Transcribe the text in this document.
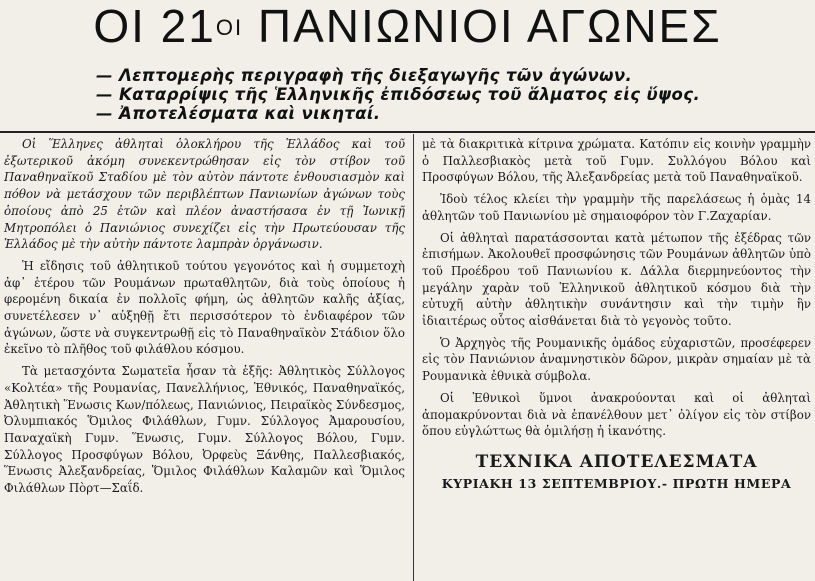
ΟΙ $21^{OI}$ ΠΑΝΙΩΝΙΟΙ ΑΓΩΝΕΣ
— Λεπτομερὴς περιγραφὴ τῆς διεξαγωγῆς τῶν ἀγώνων.
— Καταρρίψις τῆς Ἑλληνικῆς ἐπιδόσεως τοῦ ἅλματος εἰς ὕψος.
— Ἀποτελέσματα καὶ νικηταί.

Οἱ Ἕλληνες ἀθληταὶ ὁλοκλήρου τῆς Ἑλλάδος καὶ τοῦ ἐξωτερικοῦ ἀκόμη συνεκεντρώθησαν εἰς τὸν στίβον τοῦ Παναθηναϊκοῦ Σταδίου μὲ τὸν αὐτὸν πάντοτε ἐνθουσιασμὸν καὶ πόθον νὰ μετάσχουν τῶν περιβλέπτων Πανιωνίων ἀγώνων τοὺς ὁποίους ἀπὸ 25 ἐτῶν καὶ πλέον ἀναστήσασα ἐν τῇ Ἰωνικῇ Μητροπόλει ὁ Πανιώνιος συνεχίζει εἰς τὴν Πρωτεύουσαν τῆς Ἑλλάδος μὲ τὴν αὐτὴν πάντοτε λαμπρὰν ὀργάνωσιν.

Ἡ εἴδησις τοῦ ἀθλητικοῦ τούτου γεγονότος καὶ ἡ συμμετοχὴ ἀφ᾽ ἑτέρου τῶν Ρουμάνων πρωταθλητῶν, διὰ τοὺς ὁποίους ἡ φερομένη δικαία ἐν πολλοῖς φήμη, ὡς ἀθλητῶν καλῆς ἀξίας, συνετέλεσεν ν᾽ αὐξηθῇ ἔτι περισσότερον τὸ ἐνδιαφέρον τῶν ἀγώνων, ὥστε νὰ συγκεντρωθῇ εἰς τὸ Παναθηναϊκὸν Στάδιον ὅλο ἐκεῖνο τὸ πλῆθος τοῦ φιλάθλου κόσμου.

Τὰ μετασχόντα Σωματεῖα ἦσαν τὰ ἑξῆς: Ἀθλητικὸς Σύλλογος «Κολτέα» τῆς Ρουμανίας, Πανελλήνιος, Ἐθνικός, Παναθηναϊκός, Ἀθλητικὴ Ἕνωσις Κων/πόλεως, Πανιώνιος, Πειραϊκὸς Σύνδεσμος, Ὀλυμπιακός Ὅμιλος Φιλάθλων, Γυμν. Σύλλογος Ἀμαρουσίου, Παναχαϊκὴ Γυμν. Ἕνωσις, Γυμν. Σύλλογος Βόλου, Γυμν. Σύλλογος Προσφύγων Βόλου, Ὀρφεὺς Ξάνθης, Παλλεσβιακός, Ἕνωσις Ἀλεξανδρείας, Ὅμιλος Φιλάθλων Καλαμῶν καὶ Ὅμιλος Φιλάθλων Πὸρτ—Σαΐδ.

μὲ τὰ διακριτικὰ κίτρινα χρώματα. Κατόπιν εἰς κοινὴν γραμμὴν ὁ Παλλεσβιακὸς μετὰ τοῦ Γυμν. Συλλόγου Βόλου καὶ Προσφύγων Βόλου, τῆς Ἀλεξανδρείας μετὰ τοῦ Παναθηναϊκοῦ.

Ἰδοὺ τέλος κλείει τὴν γραμμὴν τῆς παρελάσεως ἡ ὁμὰς 14 ἀθλητῶν τοῦ Πανιωνίου μὲ σημαιοφόρον τὸν Γ.Ζαχαρίαν.

Οἱ ἀθληταὶ παρατάσσονται κατὰ μέτωπον τῆς ἐξέδρας τῶν ἐπισήμων. Ἀκολουθεῖ προσφώνησις τῶν Ρουμάνων ἀθλητῶν ὑπὸ τοῦ Προέδρου τοῦ Πανιωνίου κ. Δάλλα διερμηνεύοντος τὴν μεγάλην χαρὰν τοῦ Ἑλληνικοῦ ἀθλητικοῦ κόσμου διὰ τὴν εὐτυχῆ αὐτὴν ἀθλητικὴν συνάντησιν καὶ τὴν τιμὴν ἣν ἰδιαιτέρως οὗτος αἰσθάνεται διὰ τὸ γεγονὸς τοῦτο.

Ὁ Ἀρχηγὸς τῆς Ρουμανικῆς ὁμάδος εὐχαριστῶν, προσέφερεν εἰς τὸν Πανιώνιον ἀναμνηστικὸν δῶρον, μικρὰν σημαίαν μὲ τὰ Ρουμανικὰ ἐθνικὰ σύμβολα.

Οἱ Ἐθνικοὶ ὕμνοι ἀνακρούονται καὶ οἱ ἀθληταὶ ἀπομακρύνονται διὰ νὰ ἐπανέλθουν μετ᾽ ὀλίγον εἰς τὸν στίβον ὅπου εὐγλώττως θὰ ὁμιλήσῃ ἡ ἱκανότης.

ΤΕΧΝΙΚΑ ΑΠΟΤΕΛΕΣΜΑΤΑ
ΚΥΡΙΑΚΗ 13 ΣΕΠΤΕΜΒΡΙΟΥ.- ΠΡΩΤΗ ΗΜΕΡΑ
